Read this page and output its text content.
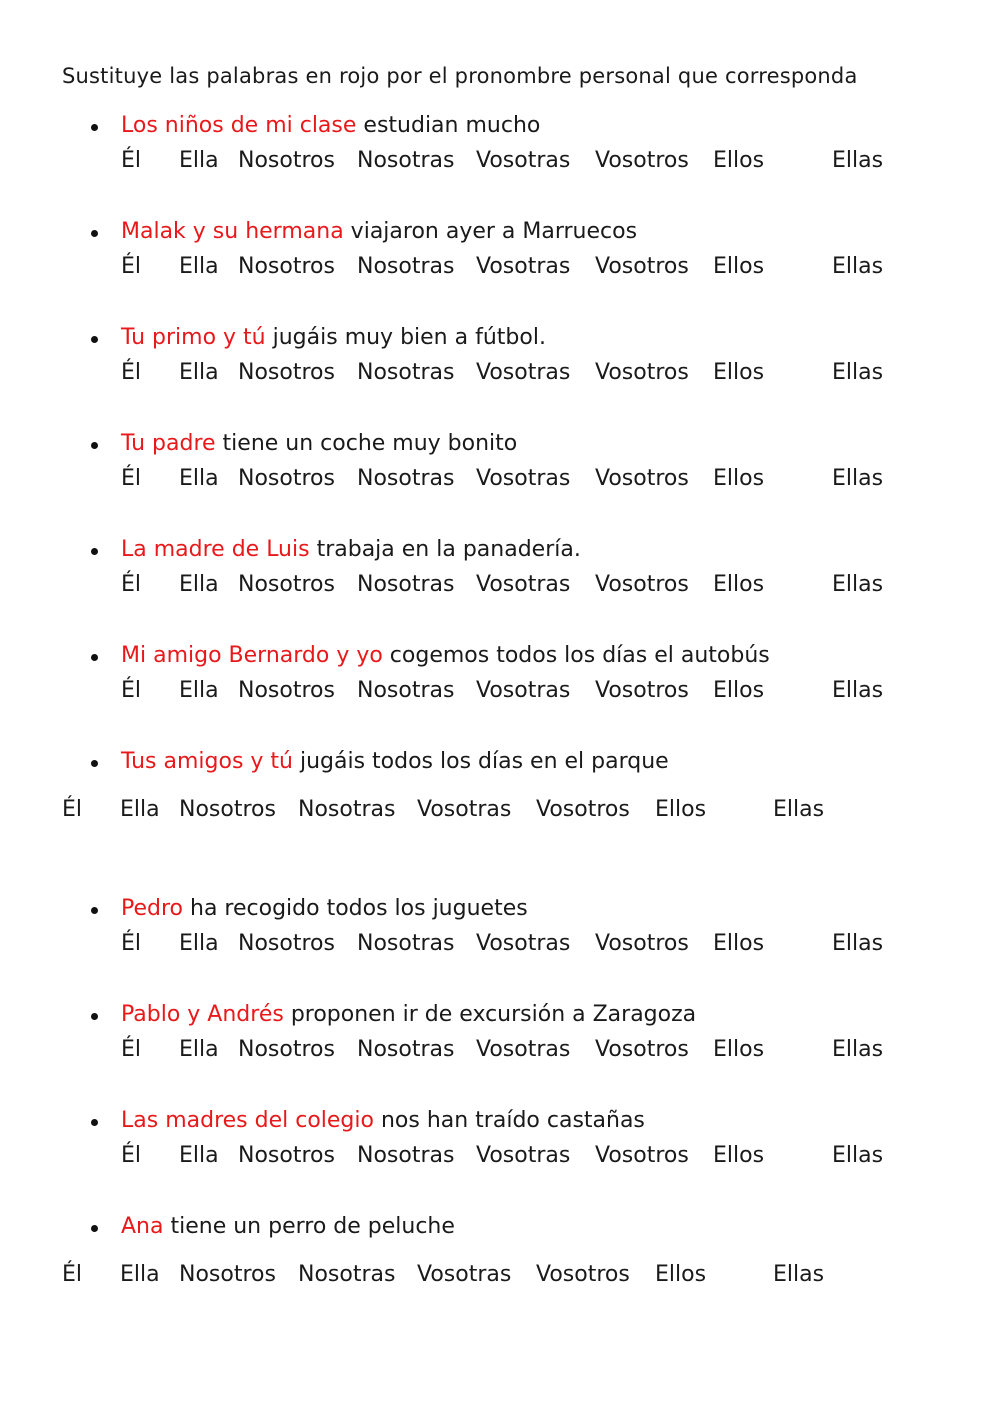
Sustituye las palabras en rojo por el pronombre personal que corresponda
Los niños de mi clase estudian mucho
Él Ella Nosotros Nosotras Vosotras Vosotros Ellos	Ellas
Malak y su hermana viajaron ayer a Marruecos
Él Ella Nosotros Nosotras Vosotras Vosotros Ellos	Ellas
Tu primo y tú jugáis muy bien a fútbol.
Él Ella Nosotros Nosotras Vosotras Vosotros Ellos	Ellas
Tu padre tiene un coche muy bonito
Él Ella Nosotros Nosotras Vosotras Vosotros Ellos	Ellas
La madre de Luis trabaja en la panadería.
Él Ella Nosotros Nosotras Vosotras Vosotros Ellos	Ellas
Mi amigo Bernardo y yo cogemos todos los días el autobús
Él Ella Nosotros Nosotras Vosotras Vosotros Ellos	Ellas
Tus amigos y tú jugáis todos los días en el parque
Él Ella Nosotros Nosotras Vosotras Vosotros Ellos	Ellas
Pedro ha recogido todos los juguetes
Él Ella Nosotros Nosotras Vosotras Vosotros Ellos	Ellas
Pablo y Andrés proponen ir de excursión a Zaragoza
Él Ella Nosotros Nosotras Vosotras Vosotros Ellos	Ellas
Las madres del colegio nos han traído castañas
Él Ella Nosotros Nosotras Vosotras Vosotros Ellos	Ellas
Ana tiene un perro de peluche
Él Ella Nosotros Nosotras Vosotras Vosotros Ellos	Ellas
